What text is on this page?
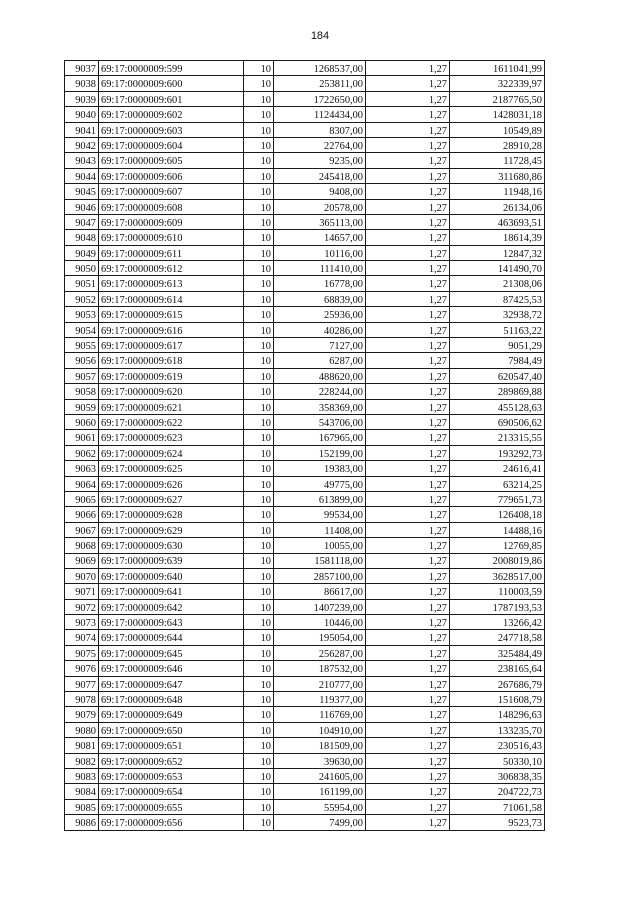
184
9037	69:17:0000009:599	10	1268537,00	1,27	1611041,99
9038	69:17:0000009:600	10	253811,00	1,27	322339,97
9039	69:17:0000009:601	10	1722650,00	1,27	2187765,50
9040	69:17:0000009:602	10	1124434,00	1,27	1428031,18
9041	69:17:0000009:603	10	8307,00	1,27	10549,89
9042	69:17:0000009:604	10	22764,00	1,27	28910,28
9043	69:17:0000009:605	10	9235,00	1,27	11728,45
9044	69:17:0000009:606	10	245418,00	1,27	311680,86
9045	69:17:0000009:607	10	9408,00	1,27	11948,16
9046	69:17:0000009:608	10	20578,00	1,27	26134,06
9047	69:17:0000009:609	10	365113,00	1,27	463693,51
9048	69:17:0000009:610	10	14657,00	1,27	18614,39
9049	69:17:0000009:611	10	10116,00	1,27	12847,32
9050	69:17:0000009:612	10	111410,00	1,27	141490,70
9051	69:17:0000009:613	10	16778,00	1,27	21308,06
9052	69:17:0000009:614	10	68839,00	1,27	87425,53
9053	69:17:0000009:615	10	25936,00	1,27	32938,72
9054	69:17:0000009:616	10	40286,00	1,27	51163,22
9055	69:17:0000009:617	10	7127,00	1,27	9051,29
9056	69:17:0000009:618	10	6287,00	1,27	7984,49
9057	69:17:0000009:619	10	488620,00	1,27	620547,40
9058	69:17:0000009:620	10	228244,00	1,27	289869,88
9059	69:17:0000009:621	10	358369,00	1,27	455128,63
9060	69:17:0000009:622	10	543706,00	1,27	690506,62
9061	69:17:0000009:623	10	167965,00	1,27	213315,55
9062	69:17:0000009:624	10	152199,00	1,27	193292,73
9063	69:17:0000009:625	10	19383,00	1,27	24616,41
9064	69:17:0000009:626	10	49775,00	1,27	63214,25
9065	69:17:0000009:627	10	613899,00	1,27	779651,73
9066	69:17:0000009:628	10	99534,00	1,27	126408,18
9067	69:17:0000009:629	10	11408,00	1,27	14488,16
9068	69:17:0000009:630	10	10055,00	1,27	12769,85
9069	69:17:0000009:639	10	1581118,00	1,27	2008019,86
9070	69:17:0000009:640	10	2857100,00	1,27	3628517,00
9071	69:17:0000009:641	10	86617,00	1,27	110003,59
9072	69:17:0000009:642	10	1407239,00	1,27	1787193,53
9073	69:17:0000009:643	10	10446,00	1,27	13266,42
9074	69:17:0000009:644	10	195054,00	1,27	247718,58
9075	69:17:0000009:645	10	256287,00	1,27	325484,49
9076	69:17:0000009:646	10	187532,00	1,27	238165,64
9077	69:17:0000009:647	10	210777,00	1,27	267686,79
9078	69:17:0000009:648	10	119377,00	1,27	151608,79
9079	69:17:0000009:649	10	116769,00	1,27	148296,63
9080	69:17:0000009:650	10	104910,00	1,27	133235,70
9081	69:17:0000009:651	10	181509,00	1,27	230516,43
9082	69:17:0000009:652	10	39630,00	1,27	50330,10
9083	69:17:0000009:653	10	241605,00	1,27	306838,35
9084	69:17:0000009:654	10	161199,00	1,27	204722,73
9085	69:17:0000009:655	10	55954,00	1,27	71061,58
9086	69:17:0000009:656	10	7499,00	1,27	9523,73
